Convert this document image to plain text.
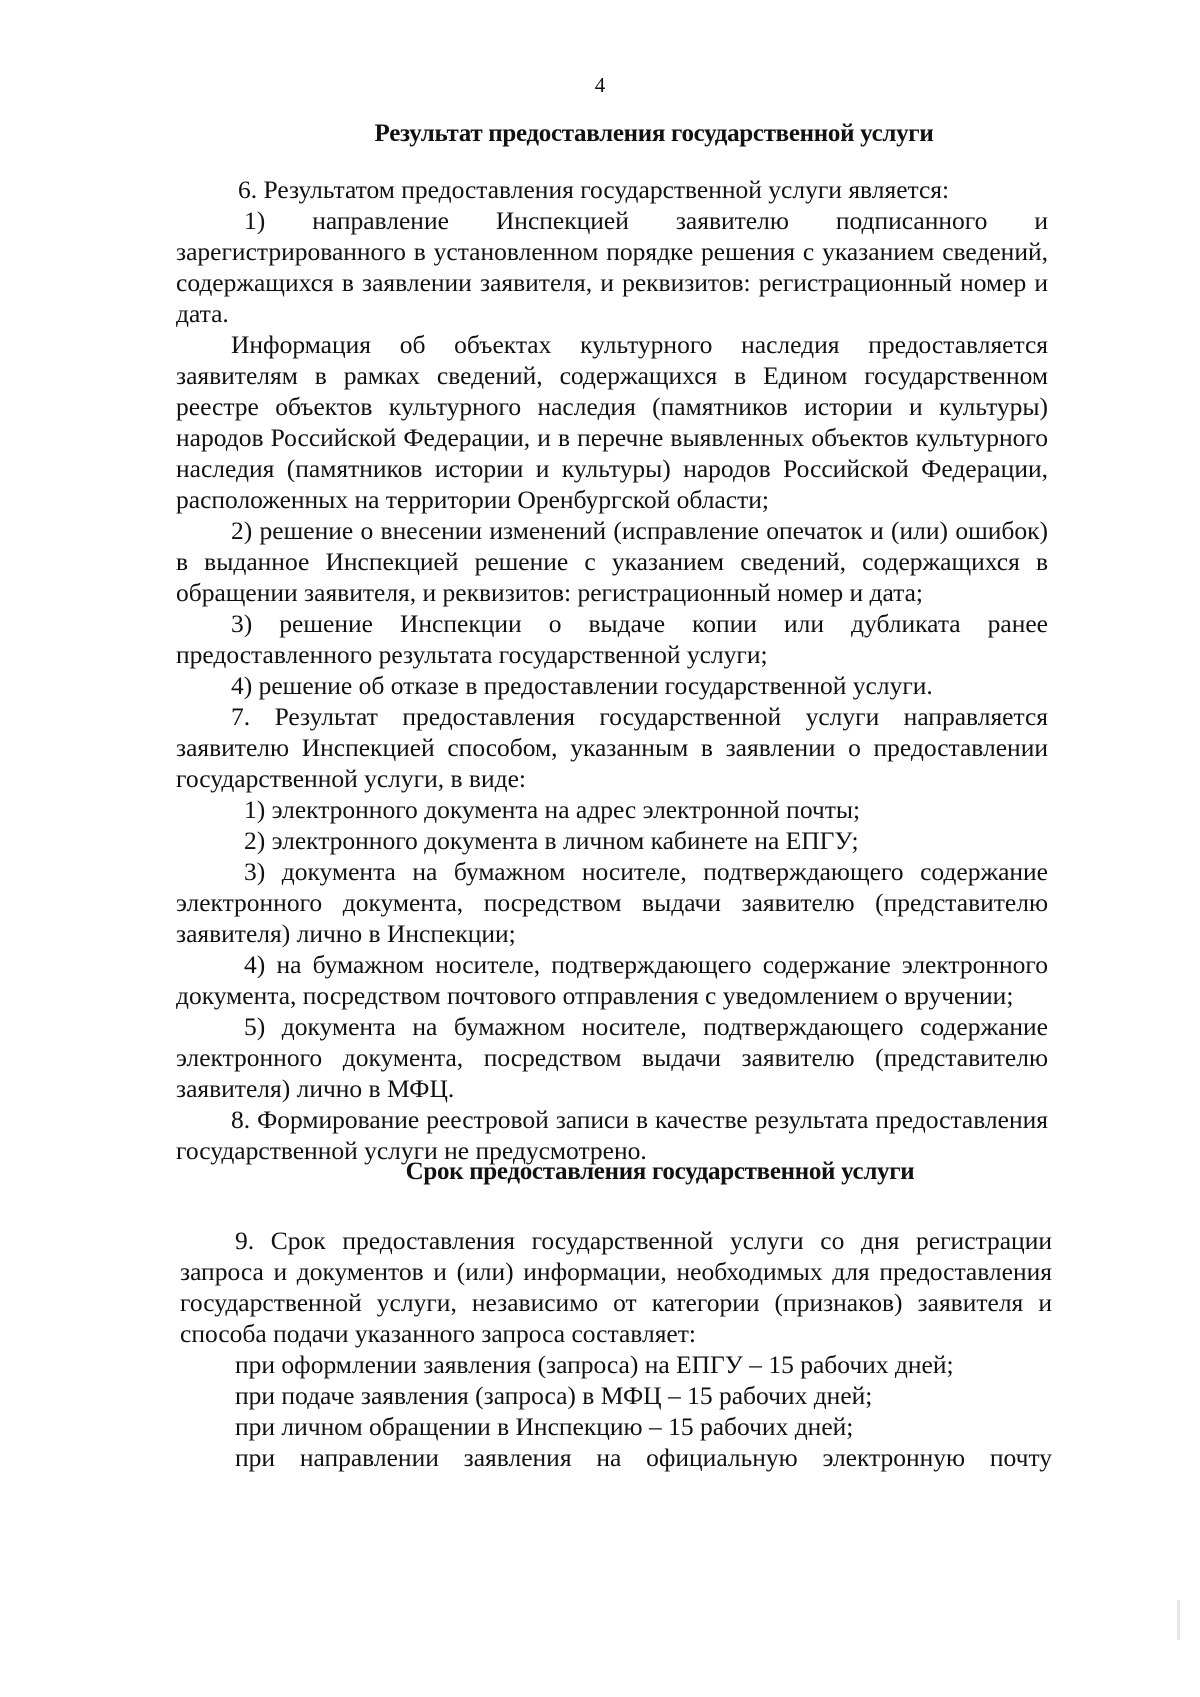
4
Результат предоставления государственной услуги

6. Результатом предоставления государственной услуги является:

1) направление Инспекцией заявителю подписанного и зарегистрированного в установленном порядке решения с указанием сведений, содержащихся в заявлении заявителя, и реквизитов: регистрационный номер и дата.

Информация об объектах культурного наследия предоставляется заявителям в рамках сведений, содержащихся в Едином государственном реестре объектов культурного наследия (памятников истории и культуры) народов Российской Федерации, и в перечне выявленных объектов культурного наследия (памятников истории и культуры) народов Российской Федерации, расположенных на территории Оренбургской области;

2) решение о внесении изменений (исправление опечаток и (или) ошибок) в выданное Инспекцией решение с указанием сведений, содержащихся в обращении заявителя, и реквизитов: регистрационный номер и дата;

3) решение Инспекции о выдаче копии или дубликата ранее предоставленного результата государственной услуги;

4) решение об отказе в предоставлении государственной услуги.

7. Результат предоставления государственной услуги направляется заявителю Инспекцией способом, указанным в заявлении о предоставлении государственной услуги, в виде:

1) электронного документа на адрес электронной почты;

2) электронного документа в личном кабинете на ЕПГУ;

3) документа на бумажном носителе, подтверждающего содержание электронного документа, посредством выдачи заявителю (представителю заявителя) лично в Инспекции;

4) на бумажном носителе, подтверждающего содержание электронного документа, посредством почтового отправления с уведомлением о вручении;

5) документа на бумажном носителе, подтверждающего содержание электронного документа, посредством выдачи заявителю (представителю заявителя) лично в МФЦ.

8. Формирование реестровой записи в качестве результата предоставления государственной услуги не предусмотрено.

Срок предоставления государственной услуги

9. Срок предоставления государственной услуги со дня регистрации запроса и документов и (или) информации, необходимых для предоставления государственной услуги, независимо от категории (признаков) заявителя и способа подачи указанного запроса составляет:

при оформлении заявления (запроса) на ЕПГУ – 15 рабочих дней;

при подаче заявления (запроса) в МФЦ – 15 рабочих дней;

при личном обращении в Инспекцию – 15 рабочих дней;

при направлении заявления на официальную электронную почту
